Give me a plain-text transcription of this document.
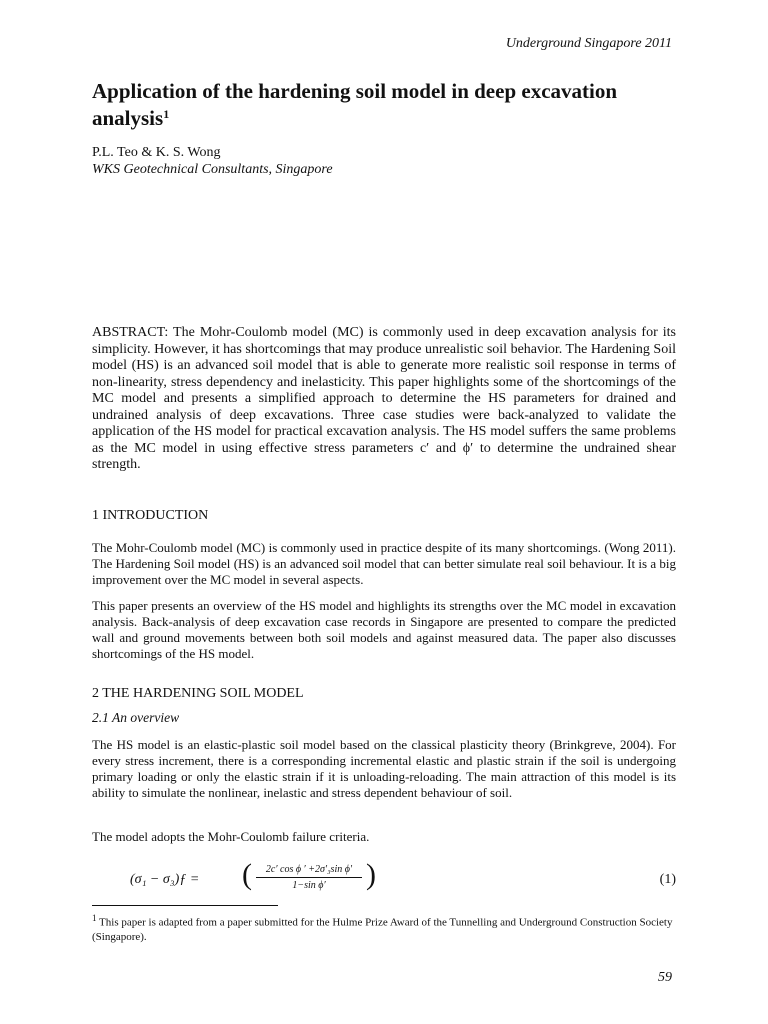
Underground Singapore 2011
Application of the hardening soil model in deep excavation analysis$^1$
P.L. Teo & K. S. Wong
WKS Geotechnical Consultants, Singapore
ABSTRACT: The Mohr-Coulomb model (MC) is commonly used in deep excavation analysis for its simplicity. However, it has shortcomings that may produce unrealistic soil behavior. The Hardening Soil model (HS) is an advanced soil model that is able to generate more realistic soil response in terms of non-linearity, stress dependency and inelasticity. This paper highlights some of the shortcomings of the MC model and presents a simplified approach to determine the HS parameters for drained and undrained analysis of deep excavations. Three case studies were back-analyzed to validate the application of the HS model for practical excavation analysis. The HS model suffers the same problems as the MC model in using effective stress parameters c′ and ϕ′ to determine the undrained shear strength.
1 INTRODUCTION
The Mohr-Coulomb model (MC) is commonly used in practice despite of its many shortcomings. (Wong 2011). The Hardening Soil model (HS) is an advanced soil model that can better simulate real soil behaviour. It is a big improvement over the MC model in several aspects.
This paper presents an overview of the HS model and highlights its strengths over the MC model in excavation analysis. Back-analysis of deep excavation case records in Singapore are presented to compare the predicted wall and ground movements between both soil models and against measured data. The paper also discusses shortcomings of the HS model.
2 THE HARDENING SOIL MODEL
2.1 An overview
The HS model is an elastic-plastic soil model based on the classical plasticity theory (Brinkgreve, 2004). For every stress increment, there is a corresponding incremental elastic and plastic strain if the soil is undergoing primary loading or only the elastic strain if it is unloading-reloading. The main attraction of this model is its ability to simulate the nonlinear, inelastic and stress dependent behaviour of soil.
The model adopts the Mohr-Coulomb failure criteria.
(σ₁ − σ₃)ƒ = ( $\frac{\text{2c′ cos ϕ ′ +2σ′₃sin ϕ′}}{\text{1−sin ϕ′}}$ )	(1)
$^1$ This paper is adapted from a paper submitted for the Hulme Prize Award of the Tunnelling and Underground Construction Society (Singapore).
59
